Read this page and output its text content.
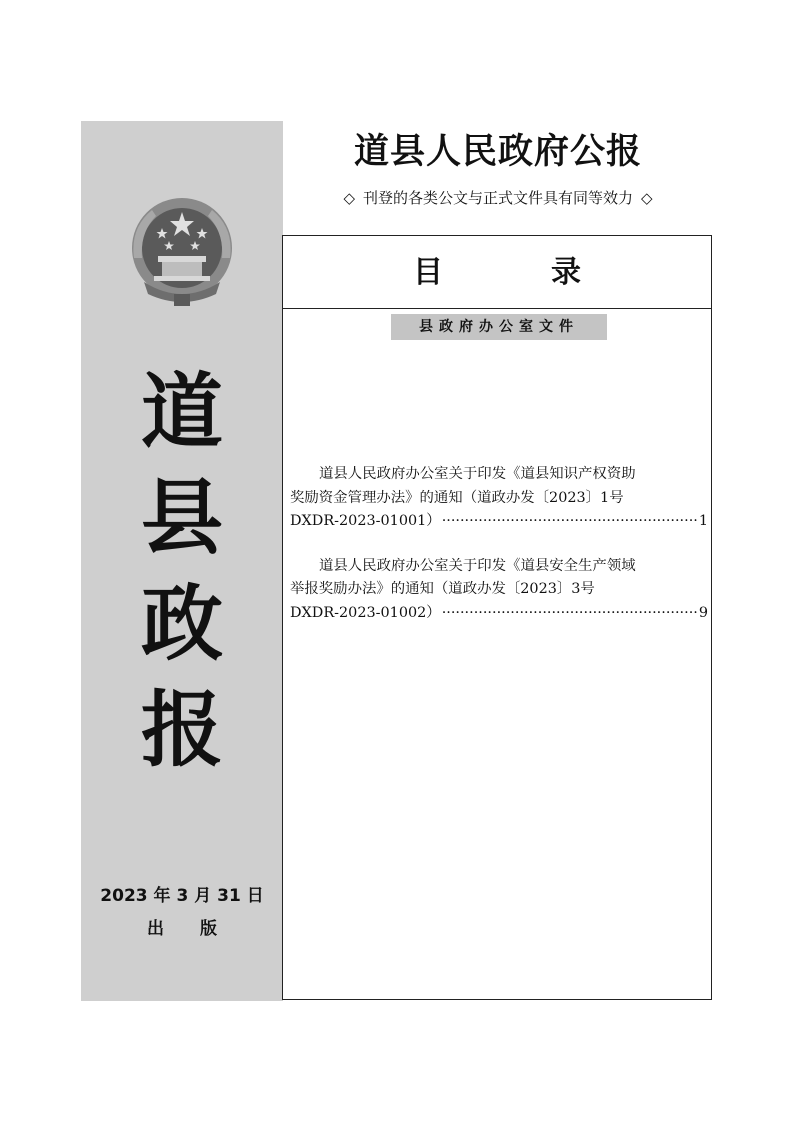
道
县
政
报
2023 年 3 月 31 日
出版
道县人民政府公报
◇ 刊登的各类公文与正式文件具有同等效力 ◇
目录
县政府办公室文件
道县人民政府办公室关于印发《道县知识产权资助
奖励资金管理办法》的通知（道政办发〔2023〕1号
DXDR-2023-01001） ·····	1
道县人民政府办公室关于印发《道县安全生产领域
举报奖励办法》的通知（道政办发〔2023〕3号
DXDR-2023-01002） ·····	9
